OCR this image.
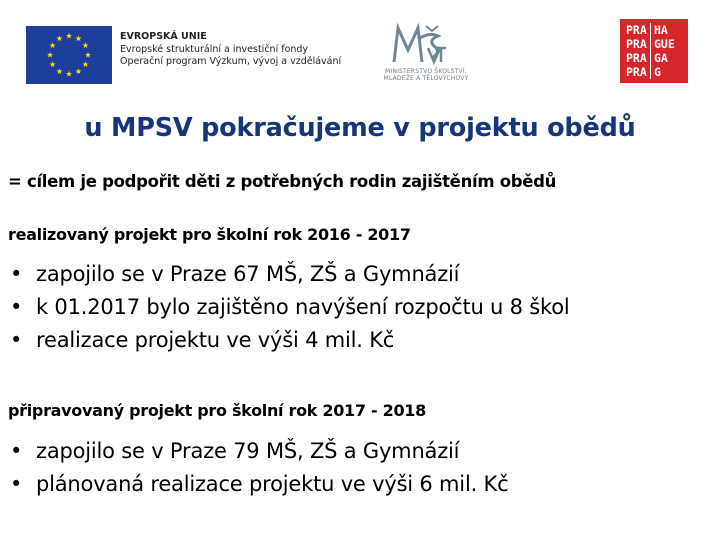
EVROPSKÁ UNIE
Evropské strukturální a investiční fondy
Operační program Výzkum, vývoj a vzdělávání
MINISTERSTVO ŠKOLSTVÍ,
MLÁDEŽE A TĚLOVÝCHOVY
PRA HA
PRA GUE
PRA GA
PRA G
u MPSV pokračujeme v projektu obědů
= cílem je podpořit děti z potřebných rodin zajištěním obědů
realizovaný projekt pro školní rok 2016 - 2017
• zapojilo se v Praze 67 MŠ, ZŠ a Gymnázií
• k 01.2017 bylo zajištěno navýšení rozpočtu u 8 škol
• realizace projektu ve výši 4 mil. Kč
připravovaný projekt pro školní rok 2017 - 2018
• zapojilo se v Praze 79 MŠ, ZŠ a Gymnázií
• plánovaná realizace projektu ve výši 6 mil. Kč
